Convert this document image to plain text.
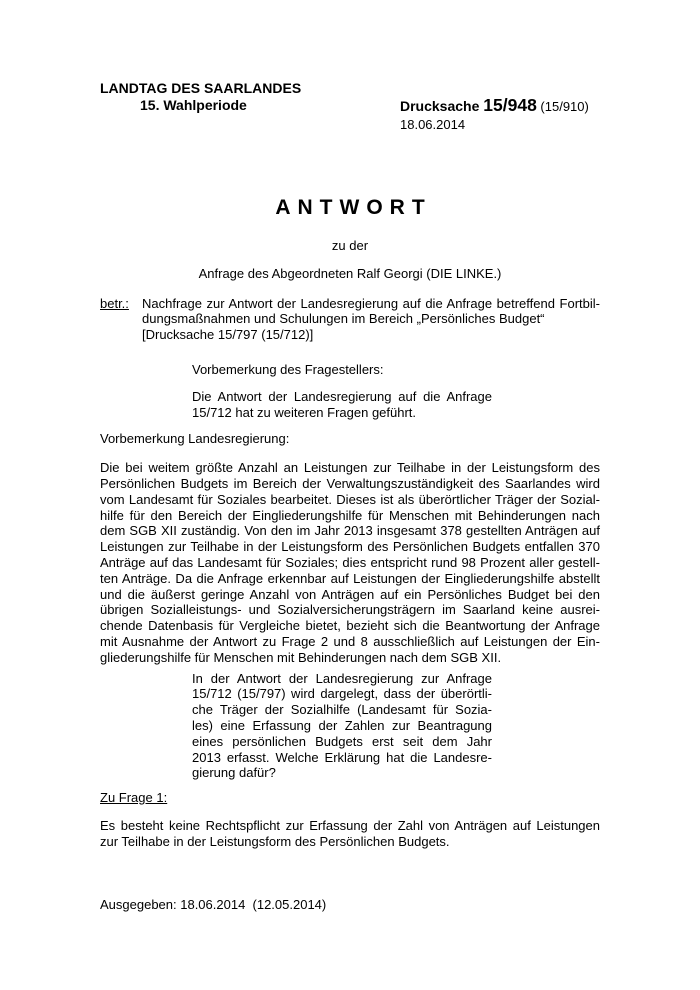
LANDTAG DES SAARLANDES
15. Wahlperiode	Drucksache 15/948 (15/910)
18.06.2014
ANTWORT
zu der
Anfrage des Abgeordneten Ralf Georgi (DIE LINKE.)
betr.:	Nachfrage zur Antwort der Landesregierung auf die Anfrage betreffend Fortbil-
dungsmaßnahmen und Schulungen im Bereich „Persönliches Budget“
[Drucksache 15/797 (15/712)]
Vorbemerkung des Fragestellers:
Die Antwort der Landesregierung auf die Anfrage
15/712 hat zu weiteren Fragen geführt.
Vorbemerkung Landesregierung:
Die bei weitem größte Anzahl an Leistungen zur Teilhabe in der Leistungsform des
Persönlichen Budgets im Bereich der Verwaltungszuständigkeit des Saarlandes wird
vom Landesamt für Soziales bearbeitet. Dieses ist als überörtlicher Träger der Sozial-
hilfe für den Bereich der Eingliederungshilfe für Menschen mit Behinderungen nach
dem SGB XII zuständig. Von den im Jahr 2013 insgesamt 378 gestellten Anträgen auf
Leistungen zur Teilhabe in der Leistungsform des Persönlichen Budgets entfallen 370
Anträge auf das Landesamt für Soziales; dies entspricht rund 98 Prozent aller gestell-
ten Anträge. Da die Anfrage erkennbar auf Leistungen der Eingliederungshilfe abstellt
und die äußerst geringe Anzahl von Anträgen auf ein Persönliches Budget bei den
übrigen Sozialleistungs- und Sozialversicherungsträgern im Saarland keine ausrei-
chende Datenbasis für Vergleiche bietet, bezieht sich die Beantwortung der Anfrage
mit Ausnahme der Antwort zu Frage 2 und 8 ausschließlich auf Leistungen der Ein-
gliederungshilfe für Menschen mit Behinderungen nach dem SGB XII.
In der Antwort der Landesregierung zur Anfrage
15/712 (15/797) wird dargelegt, dass der überörtli-
che Träger der Sozialhilfe (Landesamt für Sozia-
les) eine Erfassung der Zahlen zur Beantragung
eines persönlichen Budgets erst seit dem Jahr
2013 erfasst. Welche Erklärung hat die Landesre-
gierung dafür?
Zu Frage 1:
Es besteht keine Rechtspflicht zur Erfassung der Zahl von Anträgen auf Leistungen
zur Teilhabe in der Leistungsform des Persönlichen Budgets.
Ausgegeben: 18.06.2014  (12.05.2014)
